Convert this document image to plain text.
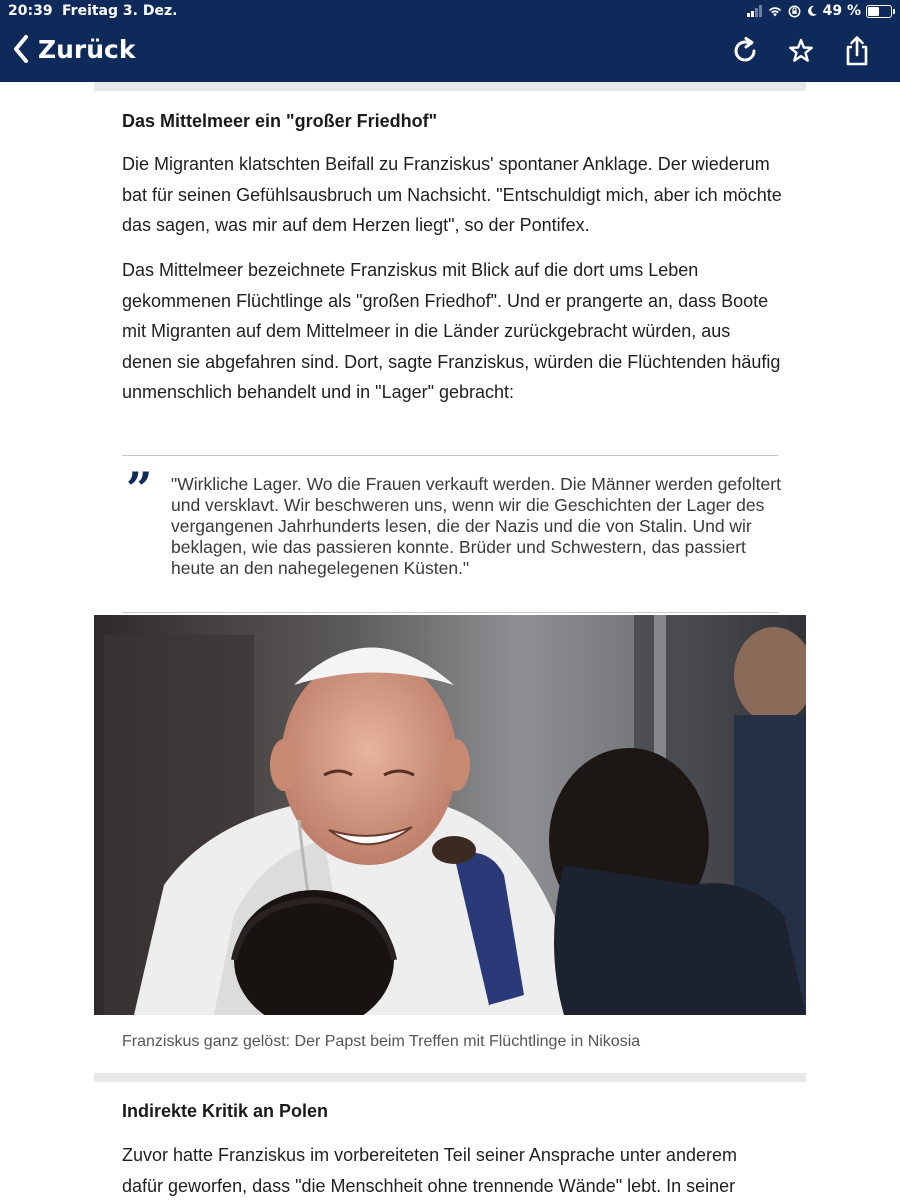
20:39 Freitag 3. Dez.	49 %
Zurück
Das Mittelmeer ein "großer Friedhof"

Die Migranten klatschten Beifall zu Franziskus' spontaner Anklage. Der wiederum bat für seinen Gefühlsausbruch um Nachsicht. "Entschuldigt mich, aber ich möchte das sagen, was mir auf dem Herzen liegt", so der Pontifex.

Das Mittelmeer bezeichnete Franziskus mit Blick auf die dort ums Leben gekommenen Flüchtlinge als "großen Friedhof". Und er prangerte an, dass Boote mit Migranten auf dem Mittelmeer in die Länder zurückgebracht würden, aus denen sie abgefahren sind. Dort, sagte Franziskus, würden die Flüchtenden häufig unmenschlich behandelt und in "Lager" gebracht:

” "Wirkliche Lager. Wo die Frauen verkauft werden. Die Männer werden gefoltert und versklavt. Wir beschweren uns, wenn wir die Geschichten der Lager des vergangenen Jahrhunderts lesen, die der Nazis und die von Stalin. Und wir beklagen, wie das passieren konnte. Brüder und Schwestern, das passiert heute an den nahegelegenen Küsten."

Franziskus ganz gelöst: Der Papst beim Treffen mit Flüchtlinge in Nikosia

Indirekte Kritik an Polen

Zuvor hatte Franziskus im vorbereiteten Teil seiner Ansprache unter anderem dafür geworfen, dass "die Menschheit ohne trennende Wände" lebt. In seiner
